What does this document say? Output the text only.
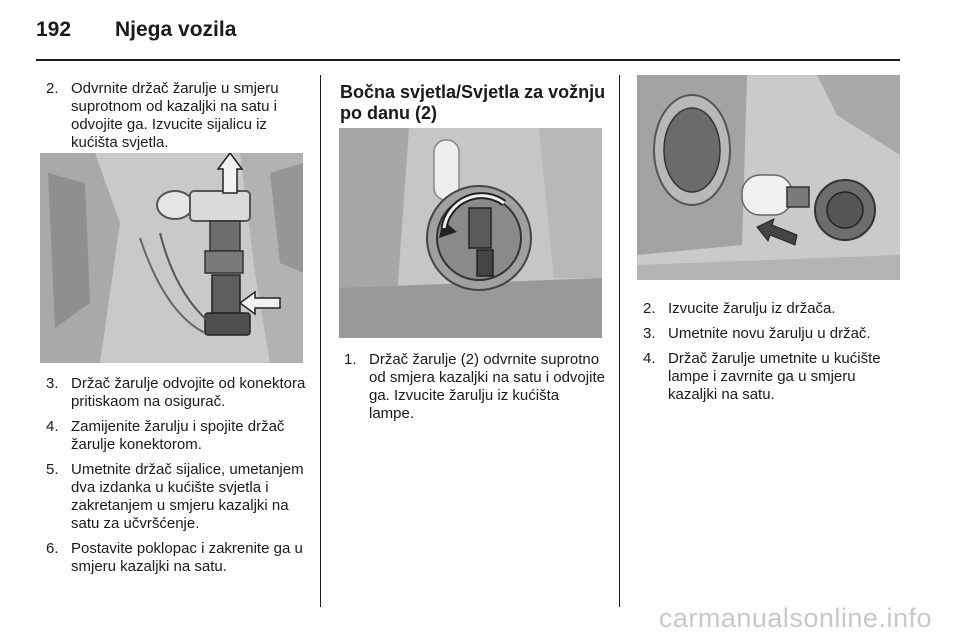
192	Njega vozila
2. Odvrnite držač žarulje u smjeru suprotnom od kazaljki na satu i odvojite ga. Izvucite sijalicu iz kućišta svjetla.
3. Držač žarulje odvojite od konektora pritiskaom na osigurač.
4. Zamijenite žarulju i spojite držač žarulje konektorom.
5. Umetnite držač sijalice, umetanjem dva izdanka u kućište svjetla i zakretanjem u smjeru kazaljki na satu za učvršćenje.
6. Postavite poklopac i zakrenite ga u smjeru kazaljki na satu.
Bočna svjetla/Svjetla za vožnju po danu (2)
1. Držač žarulje (2) odvrnite suprotno od smjera kazaljki na satu i odvojite ga. Izvucite žarulju iz kućišta lampe.
2. Izvucite žarulju iz držača.
3. Umetnite novu žarulju u držač.
4. Držač žarulje umetnite u kućište lampe i zavrnite ga u smjeru kazaljki na satu.
carmanualsonline.info
